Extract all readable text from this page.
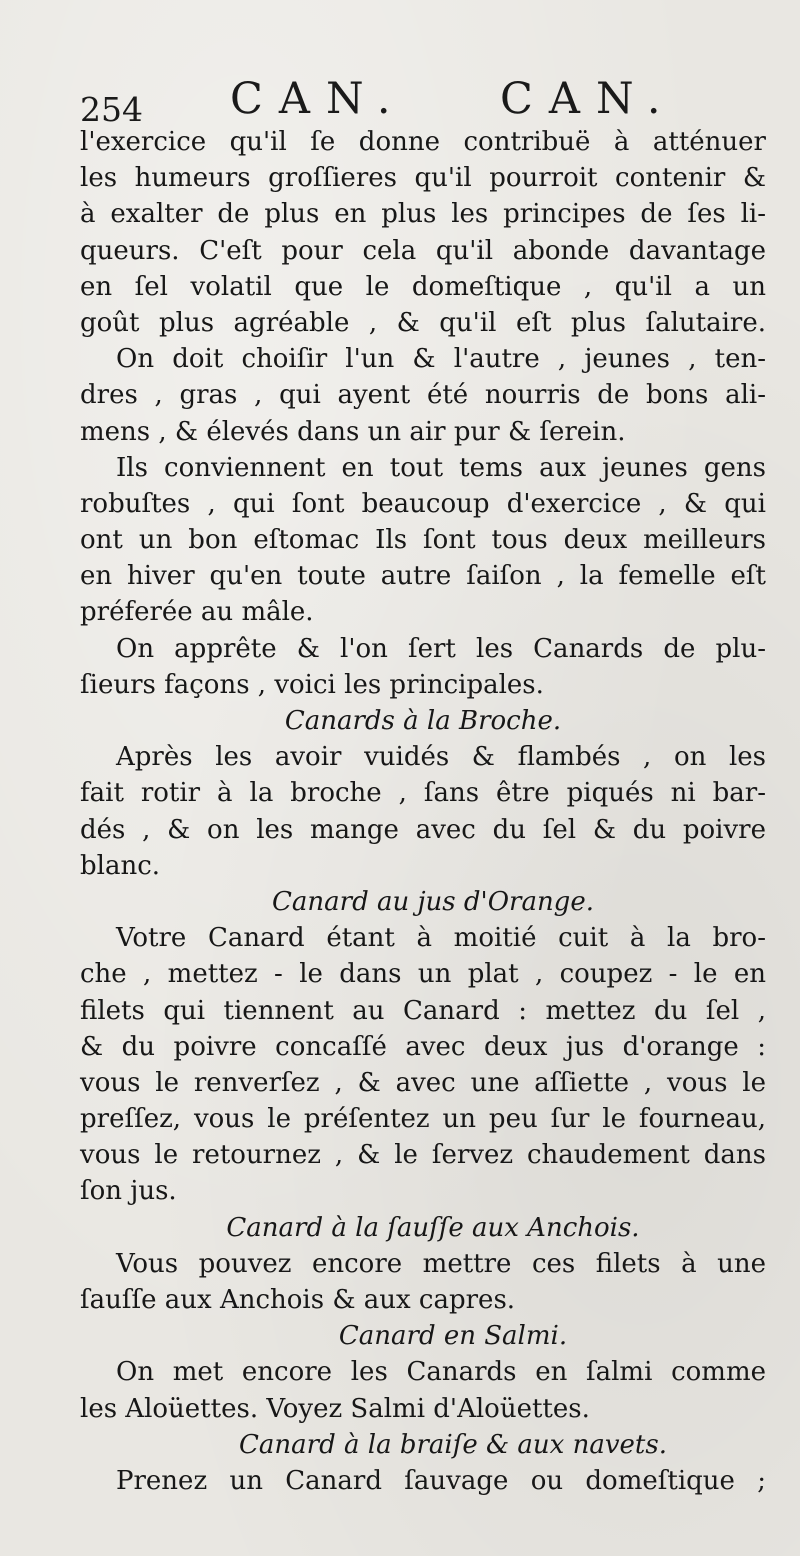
254 CAN. CAN.
l'exercice qu'il ſe donne contribuë à atténuer
les humeurs groſſieres qu'il pourroit contenir &
à exalter de plus en plus les principes de ſes li-
queurs. C'eſt pour cela qu'il abonde davantage
en ſel volatil que le domeſtique , qu'il a un
goût plus agréable , & qu'il eſt plus ſalutaire.
On doit choiſir l'un & l'autre , jeunes , ten-
dres , gras , qui ayent été nourris de bons ali-
mens , & élevés dans un air pur & ſerein.
Ils conviennent en tout tems aux jeunes gens
robuſtes , qui ſont beaucoup d'exercice , & qui
ont un bon eſtomac Ils ſont tous deux meilleurs
en hiver qu'en toute autre ſaiſon , la femelle eſt
préferée au mâle.
On apprête & l'on ſert les Canards de plu-
ſieurs façons , voici les principales.
Canards à la Broche.
Après les avoir vuidés & flambés , on les
fait rotir à la broche , ſans être piqués ni bar-
dés , & on les mange avec du ſel & du poivre
blanc.
Canard au jus d'Orange.
Votre Canard étant à moitié cuit à la bro-
che , mettez - le dans un plat , coupez - le en
filets qui tiennent au Canard : mettez du ſel ,
& du poivre concaſſé avec deux jus d'orange :
vous le renverſez , & avec une aſſiette , vous le
preſſez, vous le préſentez un peu ſur le fourneau,
vous le retournez , & le ſervez chaudement dans
ſon jus.
Canard à la ſauſſe aux Anchois.
Vous pouvez encore mettre ces filets à une
ſauſſe aux Anchois & aux capres.
Canard en Salmi.
On met encore les Canards en ſalmi comme
les Aloüettes. Voyez Salmi d'Aloüettes.
Canard à la braiſe & aux navets.
Prenez un Canard ſauvage ou domeſtique ;
